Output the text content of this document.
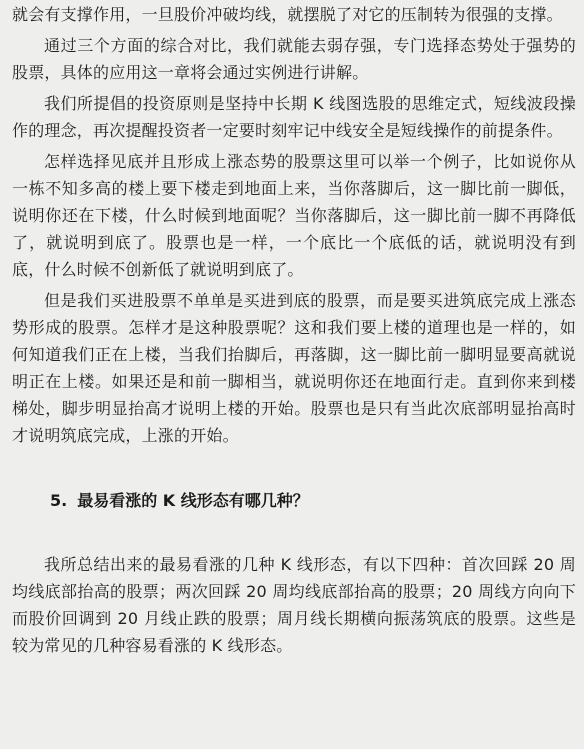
就会有支撑作用，一旦股价冲破均线，就摆脱了对它的压制转为很强的支撑。

通过三个方面的综合对比，我们就能去弱存强，专门选择态势处于强势的股票，具体的应用这一章将会通过实例进行讲解。

我们所提倡的投资原则是坚持中长期 K 线图选股的思维定式，短线波段操作的理念，再次提醒投资者一定要时刻牢记中线安全是短线操作的前提条件。

怎样选择见底并且形成上涨态势的股票这里可以举一个例子，比如说你从一栋不知多高的楼上要下楼走到地面上来，当你落脚后，这一脚比前一脚低，说明你还在下楼，什么时候到地面呢？当你落脚后，这一脚比前一脚不再降低了，就说明到底了。股票也是一样，一个底比一个底低的话，就说明没有到底，什么时候不创新低了就说明到底了。

但是我们买进股票不单单是买进到底的股票，而是要买进筑底完成上涨态势形成的股票。怎样才是这种股票呢？这和我们要上楼的道理也是一样的，如何知道我们正在上楼，当我们抬脚后，再落脚，这一脚比前一脚明显要高就说明正在上楼。如果还是和前一脚相当，就说明你还在地面行走。直到你来到楼梯处，脚步明显抬高才说明上楼的开始。股票也是只有当此次底部明显抬高时才说明筑底完成，上涨的开始。

5. 最易看涨的 K 线形态有哪几种？

我所总结出来的最易看涨的几种 K 线形态，有以下四种：首次回踩 20 周均线底部抬高的股票；两次回踩 20 周均线底部抬高的股票；20 周线方向向下而股价回调到 20 月线止跌的股票；周月线长期横向振荡筑底的股票。这些是较为常见的几种容易看涨的 K 线形态。
